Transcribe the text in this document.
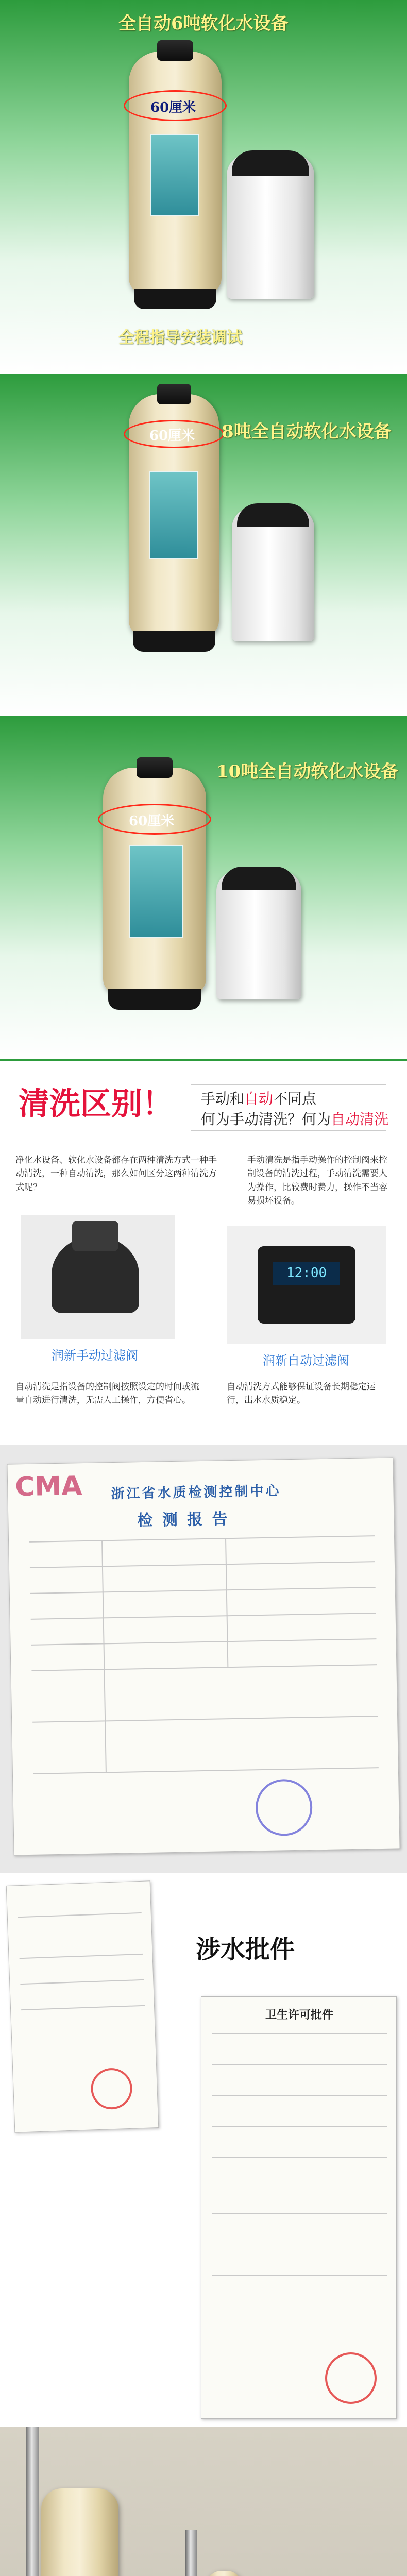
全自动6吨软化水设备
60厘米
全程指导安装调试
60厘米 8吨全自动软化水设备
60厘米
10吨全自动软化水设备
清洗区别！ 手动和自动不同点
何为手动清洗？何为自动清洗
净化水设备、软化水设备都存在两种清洗方式一种手动清洗，一种自动清洗，那么如何区分这两种清洗方式呢？
手动清洗是指手动操作的控制阀来控制设备的清洗过程，手动清洗需要人为操作，比较费时费力，操作不当容易损坏设备。
润新手动过滤阀
12:00
润新自动过滤阀
自动清洗是指设备的控制阀按照设定的时间或流量自动进行清洗，无需人工操作，方便省心。
自动清洗方式能够保证设备长期稳定运行，出水水质稳定。
CMA 浙江省水质检测控制中心
检 测 报 告
涉水批件
卫生许可批件
